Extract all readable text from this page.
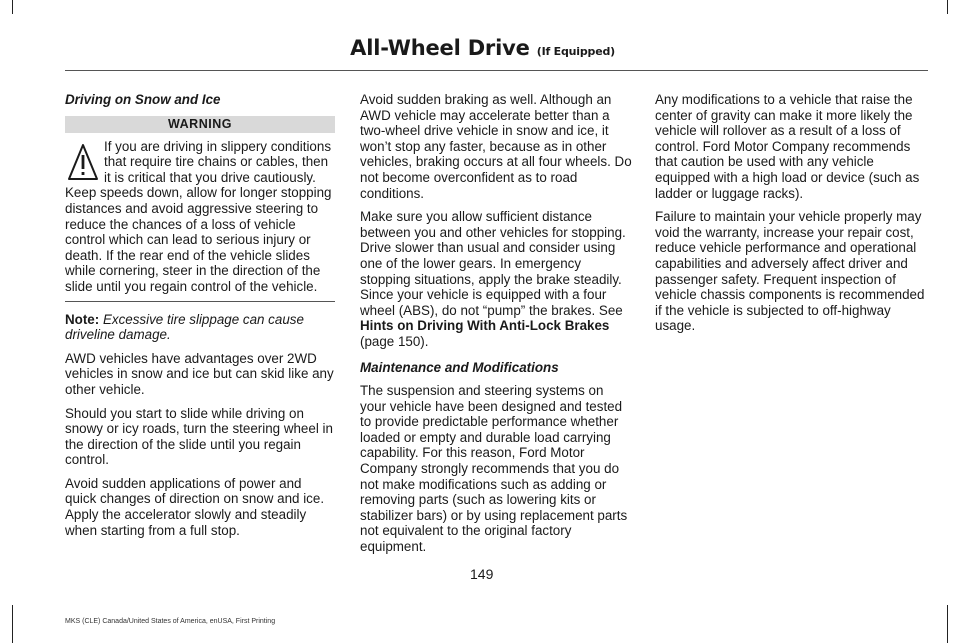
All-Wheel Drive (If Equipped)

Driving on Snow and Ice

WARNING
If you are driving in slippery conditions that require tire chains or cables, then it is critical that you drive cautiously. Keep speeds down, allow for longer stopping distances and avoid aggressive steering to reduce the chances of a loss of vehicle control which can lead to serious injury or death. If the rear end of the vehicle slides while cornering, steer in the direction of the slide until you regain control of the vehicle.

Note: Excessive tire slippage can cause driveline damage.

AWD vehicles have advantages over 2WD vehicles in snow and ice but can skid like any other vehicle.

Should you start to slide while driving on snowy or icy roads, turn the steering wheel in the direction of the slide until you regain control.

Avoid sudden applications of power and quick changes of direction on snow and ice. Apply the accelerator slowly and steadily when starting from a full stop.

Avoid sudden braking as well. Although an AWD vehicle may accelerate better than a two-wheel drive vehicle in snow and ice, it won’t stop any faster, because as in other vehicles, braking occurs at all four wheels. Do not become overconfident as to road conditions.

Make sure you allow sufficient distance between you and other vehicles for stopping. Drive slower than usual and consider using one of the lower gears. In emergency stopping situations, apply the brake steadily. Since your vehicle is equipped with a four wheel (ABS), do not “pump” the brakes. See Hints on Driving With Anti-Lock Brakes (page 150).

Maintenance and Modifications

The suspension and steering systems on your vehicle have been designed and tested to provide predictable performance whether loaded or empty and durable load carrying capability. For this reason, Ford Motor Company strongly recommends that you do not make modifications such as adding or removing parts (such as lowering kits or stabilizer bars) or by using replacement parts not equivalent to the original factory equipment.

Any modifications to a vehicle that raise the center of gravity can make it more likely the vehicle will rollover as a result of a loss of control. Ford Motor Company recommends that caution be used with any vehicle equipped with a high load or device (such as ladder or luggage racks).

Failure to maintain your vehicle properly may void the warranty, increase your repair cost, reduce vehicle performance and operational capabilities and adversely affect driver and passenger safety. Frequent inspection of vehicle chassis components is recommended if the vehicle is subjected to off-highway usage.

149
MKS (CLE) Canada/United States of America, enUSA, First Printing
